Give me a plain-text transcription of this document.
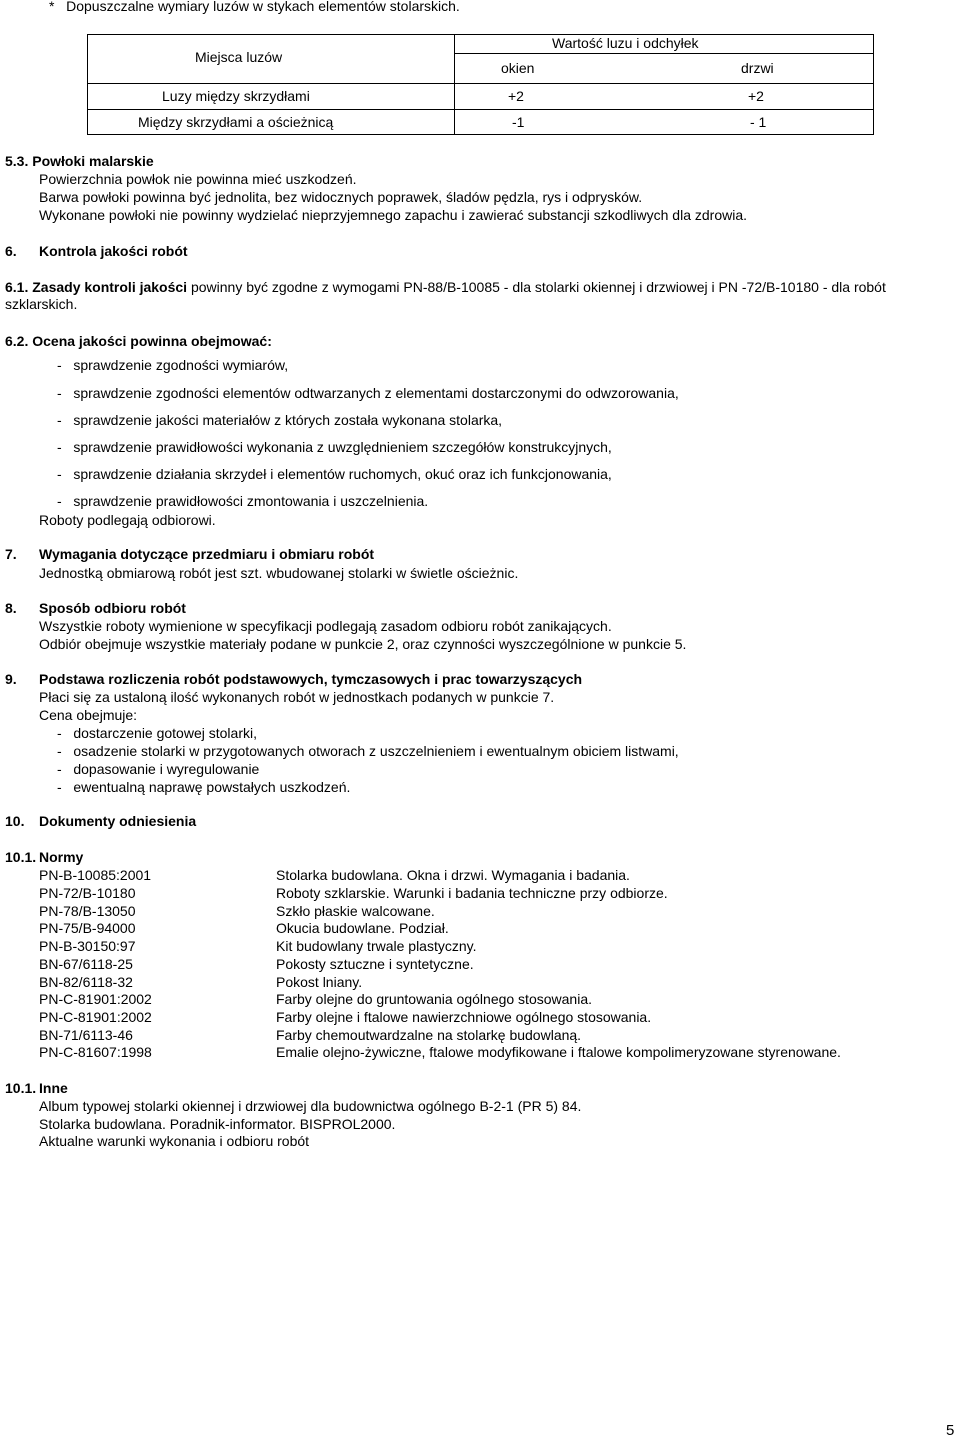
*   Dopuszczalne wymiary luzów w stykach elementów stolarskich.
Miejsca luzów
Wartość luzu i odchyłek
okien	drzwi
Luzy między skrzydłami	+2	+2
Między skrzydłami a ościeżnicą	-1	- 1
5.3. Powłoki malarskie
Powierzchnia powłok nie powinna mieć uszkodzeń.
Barwa powłoki powinna być jednolita, bez widocznych poprawek, śladów pędzla, rys i odprysków.
Wykonane powłoki nie powinny wydzielać nieprzyjemnego zapachu i zawierać substancji szkodliwych dla zdrowia.
6. Kontrola jakości robót
6.1. Zasady kontroli jakości powinny być zgodne z wymogami PN-88/B-10085 - dla stolarki okiennej i drzwiowej i PN -72/B-10180 - dla robót szklarskich.
6.2. Ocena jakości powinna obejmować:
-   sprawdzenie zgodności wymiarów,
-   sprawdzenie zgodności elementów odtwarzanych z elementami dostarczonymi do odwzorowania,
-   sprawdzenie jakości materiałów z których została wykonana stolarka,
-   sprawdzenie prawidłowości wykonania z uwzględnieniem szczegółów konstrukcyjnych,
-   sprawdzenie działania skrzydeł i elementów ruchomych, okuć oraz ich funkcjonowania,
-   sprawdzenie prawidłowości zmontowania i uszczelnienia.
Roboty podlegają odbiorowi.
7. Wymagania dotyczące przedmiaru i obmiaru robót
Jednostką obmiarową robót jest szt. wbudowanej stolarki w świetle ościeżnic.
8. Sposób odbioru robót
Wszystkie roboty wymienione w specyfikacji podlegają zasadom odbioru robót zanikających.
Odbiór obejmuje wszystkie materiały podane w punkcie 2, oraz czynności wyszczególnione w punkcie 5.
9. Podstawa rozliczenia robót podstawowych, tymczasowych i prac towarzyszących
Płaci się za ustaloną ilość wykonanych robót w jednostkach podanych w punkcie 7.
Cena obejmuje:
-   dostarczenie gotowej stolarki,
-   osadzenie stolarki w przygotowanych otworach z uszczelnieniem i ewentualnym obiciem listwami,
-   dopasowanie i wyregulowanie
-   ewentualną naprawę powstałych uszkodzeń.
10. Dokumenty odniesienia
10.1. Normy
PN-B-10085:2001	Stolarka budowlana. Okna i drzwi. Wymagania i badania.
PN-72/B-10180	Roboty szklarskie. Warunki i badania techniczne przy odbiorze.
PN-78/B-13050	Szkło płaskie walcowane.
PN-75/B-94000	Okucia budowlane. Podział.
PN-B-30150:97	Kit budowlany trwale plastyczny.
BN-67/6118-25	Pokosty sztuczne i syntetyczne.
BN-82/6118-32	Pokost lniany.
PN-C-81901:2002	Farby olejne do gruntowania ogólnego stosowania.
PN-C-81901:2002	Farby olejne i ftalowe nawierzchniowe ogólnego stosowania.
BN-71/6113-46	Farby chemoutwardzalne na stolarkę budowlaną.
PN-C-81607:1998	Emalie olejno-żywiczne, ftalowe modyfikowane i ftalowe kompolimeryzowane styrenowane.
10.1. Inne
Album typowej stolarki okiennej i drzwiowej dla budownictwa ogólnego B-2-1 (PR 5) 84.
Stolarka budowlana. Poradnik-informator. BISPROL2000.
Aktualne warunki wykonania i odbioru robót
5
